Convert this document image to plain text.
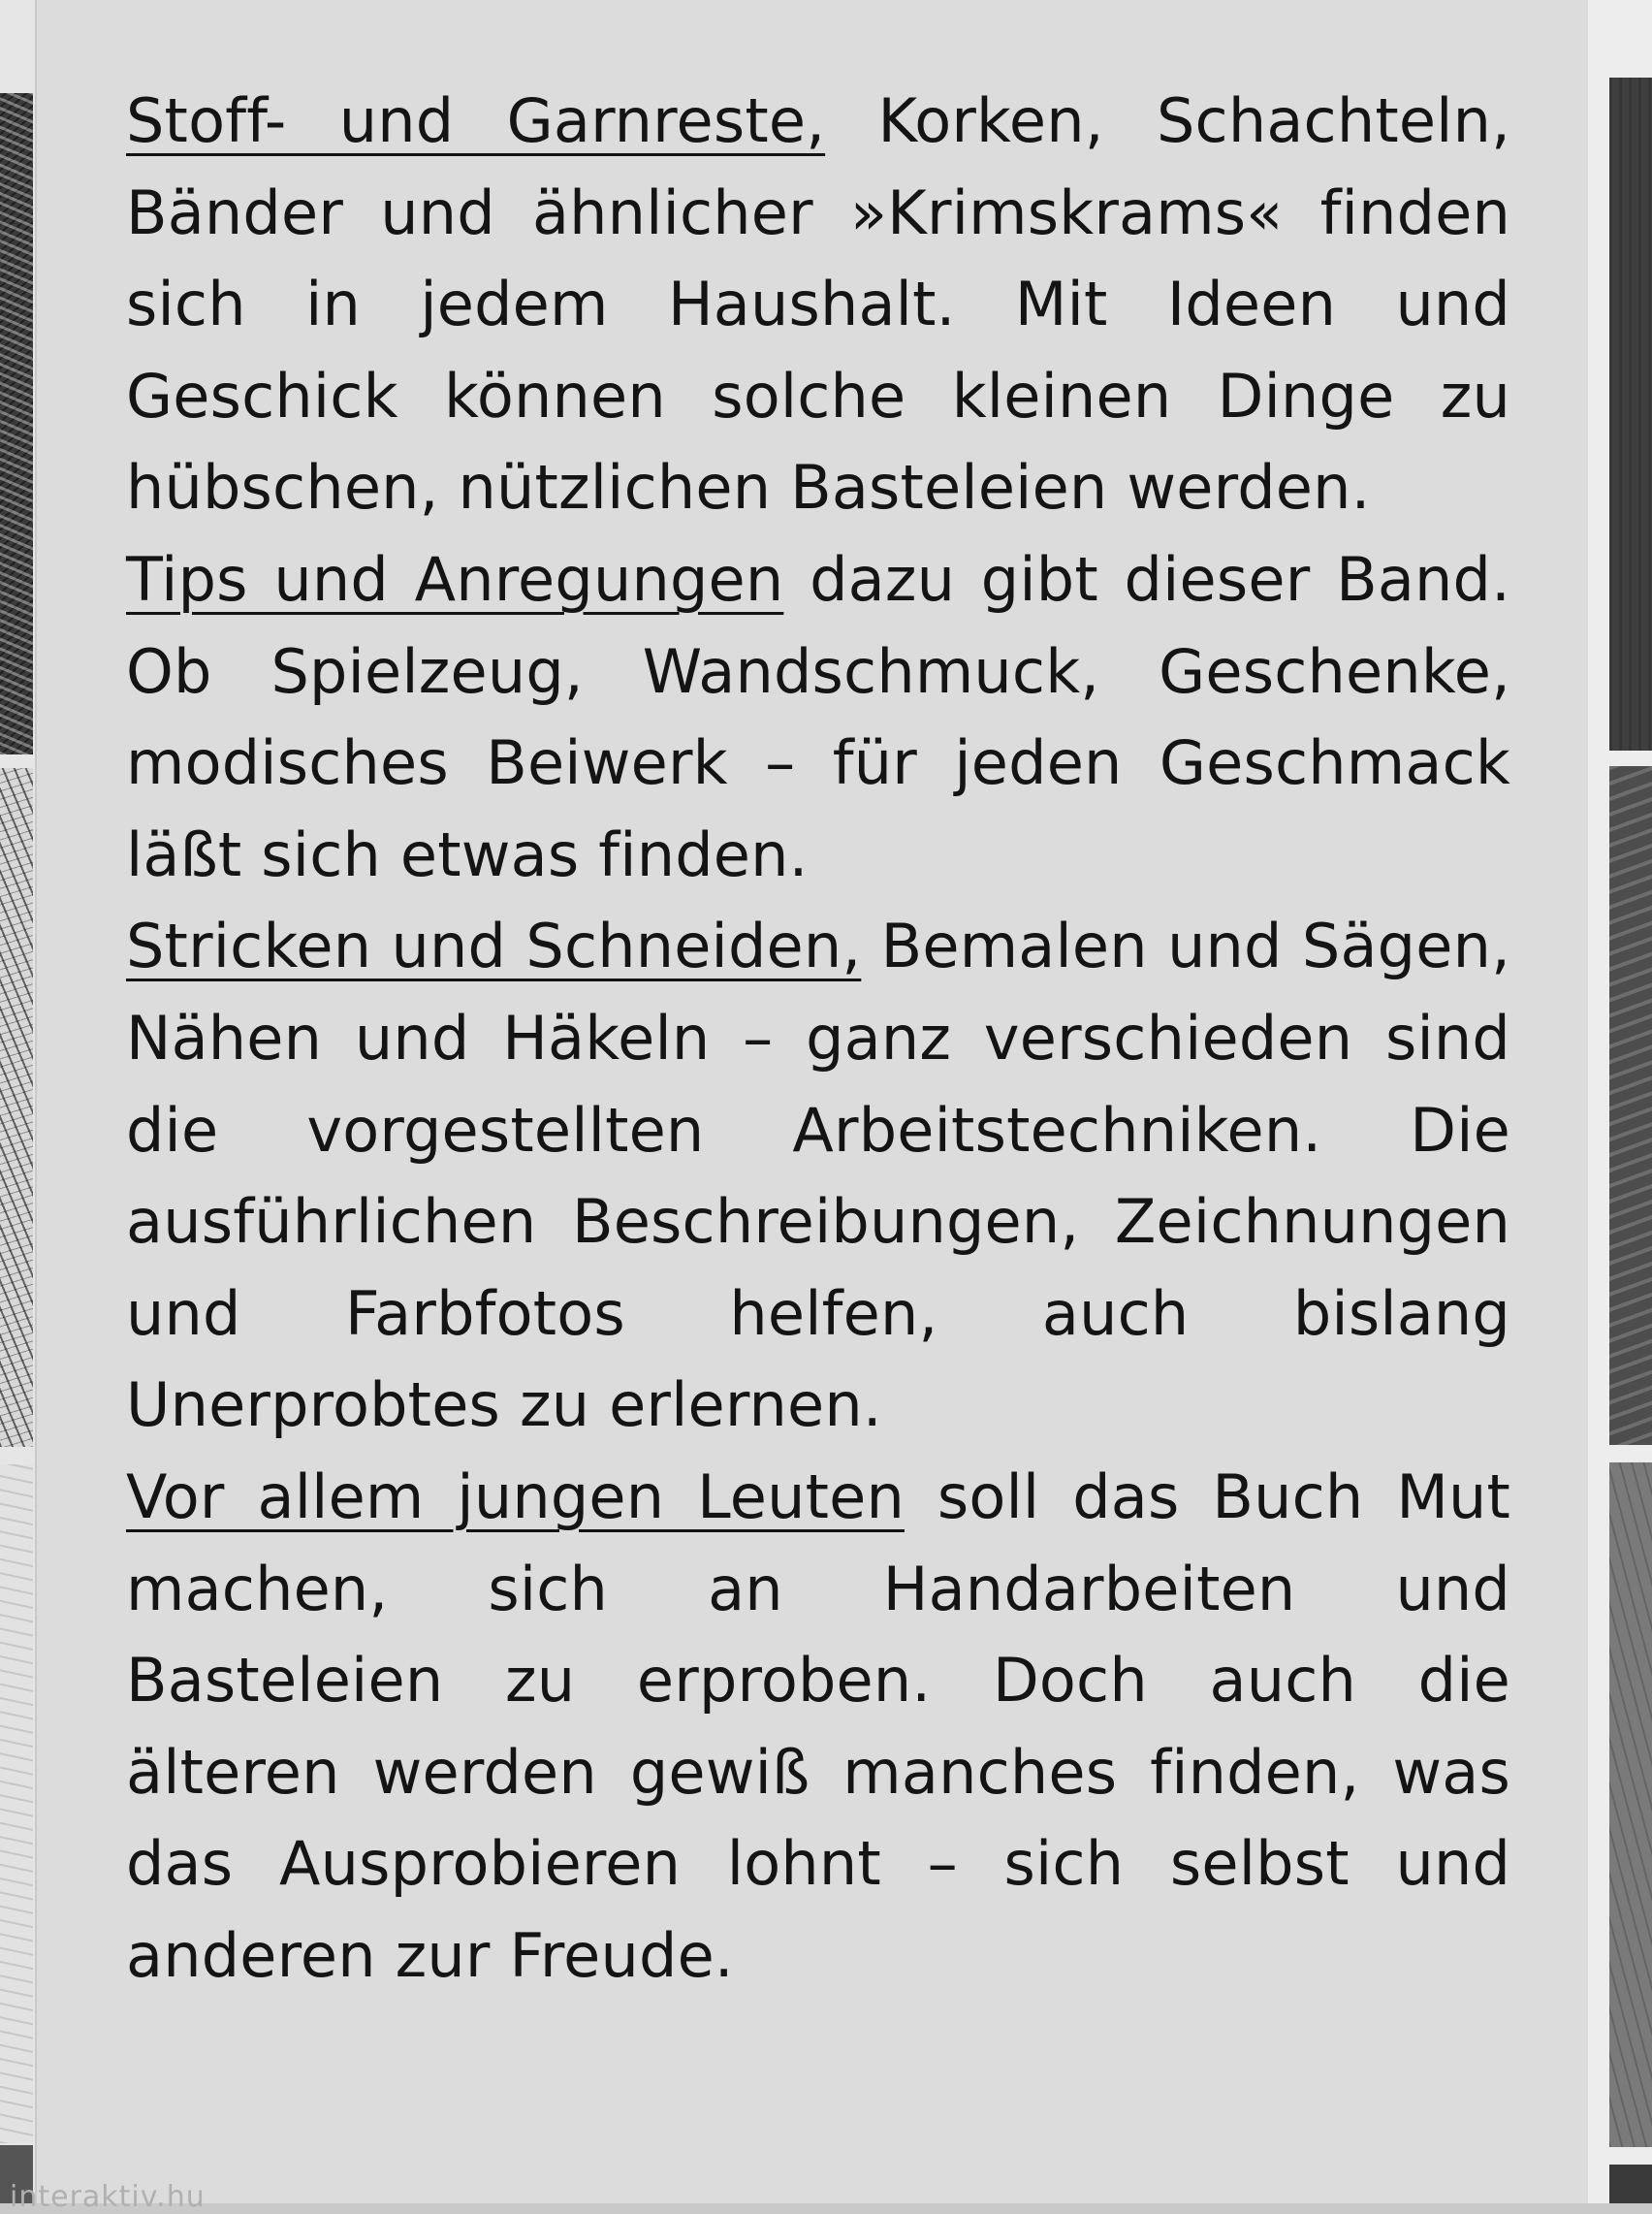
Stoff- und Garnreste, Korken, Schachteln, Bänder und ähnlicher »Krimskrams« finden sich in jedem Haushalt. Mit Ideen und Geschick können solche kleinen Dinge zu hübschen, nützlichen Basteleien werden.

Tips und Anregungen dazu gibt dieser Band. Ob Spielzeug, Wandschmuck, Geschenke, modisches Beiwerk – für jeden Geschmack läßt sich etwas finden.

Stricken und Schneiden, Bemalen und Sägen, Nähen und Häkeln – ganz verschieden sind die vorgestellten Arbeitstechniken. Die ausführlichen Beschreibungen, Zeichnungen und Farbfotos helfen, auch bislang Unerprobtes zu erlernen.

Vor allem jungen Leuten soll das Buch Mut machen, sich an Handarbeiten und Basteleien zu erproben. Doch auch die älteren werden gewiß manches finden, was das Ausprobieren lohnt – sich selbst und anderen zur Freude.

interaktiv.hu
